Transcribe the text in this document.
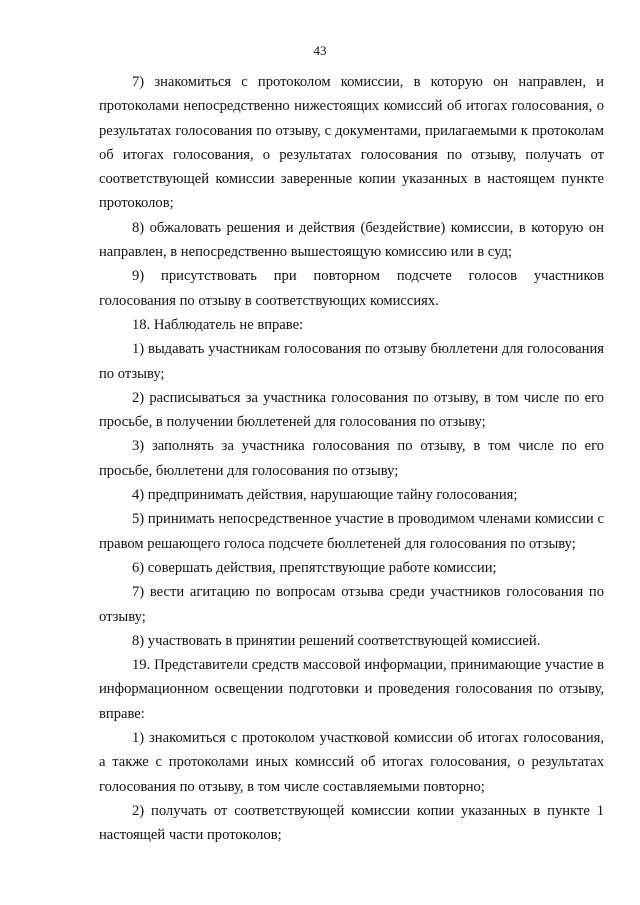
43

7) знакомиться с протоколом комиссии, в которую он направлен, и протоколами непосредственно нижестоящих комиссий об итогах голосования, о результатах голосования по отзыву, с документами, прилагаемыми к протоколам об итогах голосования, о результатах голосования по отзыву, получать от соответствующей комиссии заверенные копии указанных в настоящем пункте протоколов;

8) обжаловать решения и действия (бездействие) комиссии, в которую он направлен, в непосредственно вышестоящую комиссию или в суд;

9) присутствовать при повторном подсчете голосов участников голосования по отзыву в соответствующих комиссиях.

18. Наблюдатель не вправе:

1) выдавать участникам голосования по отзыву бюллетени для голосования по отзыву;

2) расписываться за участника голосования по отзыву, в том числе по его просьбе, в получении бюллетеней для голосования по отзыву;

3) заполнять за участника голосования по отзыву, в том числе по его просьбе, бюллетени для голосования по отзыву;

4) предпринимать действия, нарушающие тайну голосования;

5) принимать непосредственное участие в проводимом членами комиссии с правом решающего голоса подсчете бюллетеней для голосования по отзыву;

6) совершать действия, препятствующие работе комиссии;

7) вести агитацию по вопросам отзыва среди участников голосования по отзыву;

8) участвовать в принятии решений соответствующей комиссией.

19. Представители средств массовой информации, принимающие участие в информационном освещении подготовки и проведения голосования по отзыву, вправе:

1) знакомиться с протоколом участковой комиссии об итогах голосования, а также с протоколами иных комиссий об итогах голосования, о результатах голосования по отзыву, в том числе составляемыми повторно;

2) получать от соответствующей комиссии копии указанных в пункте 1 настоящей части протоколов;
